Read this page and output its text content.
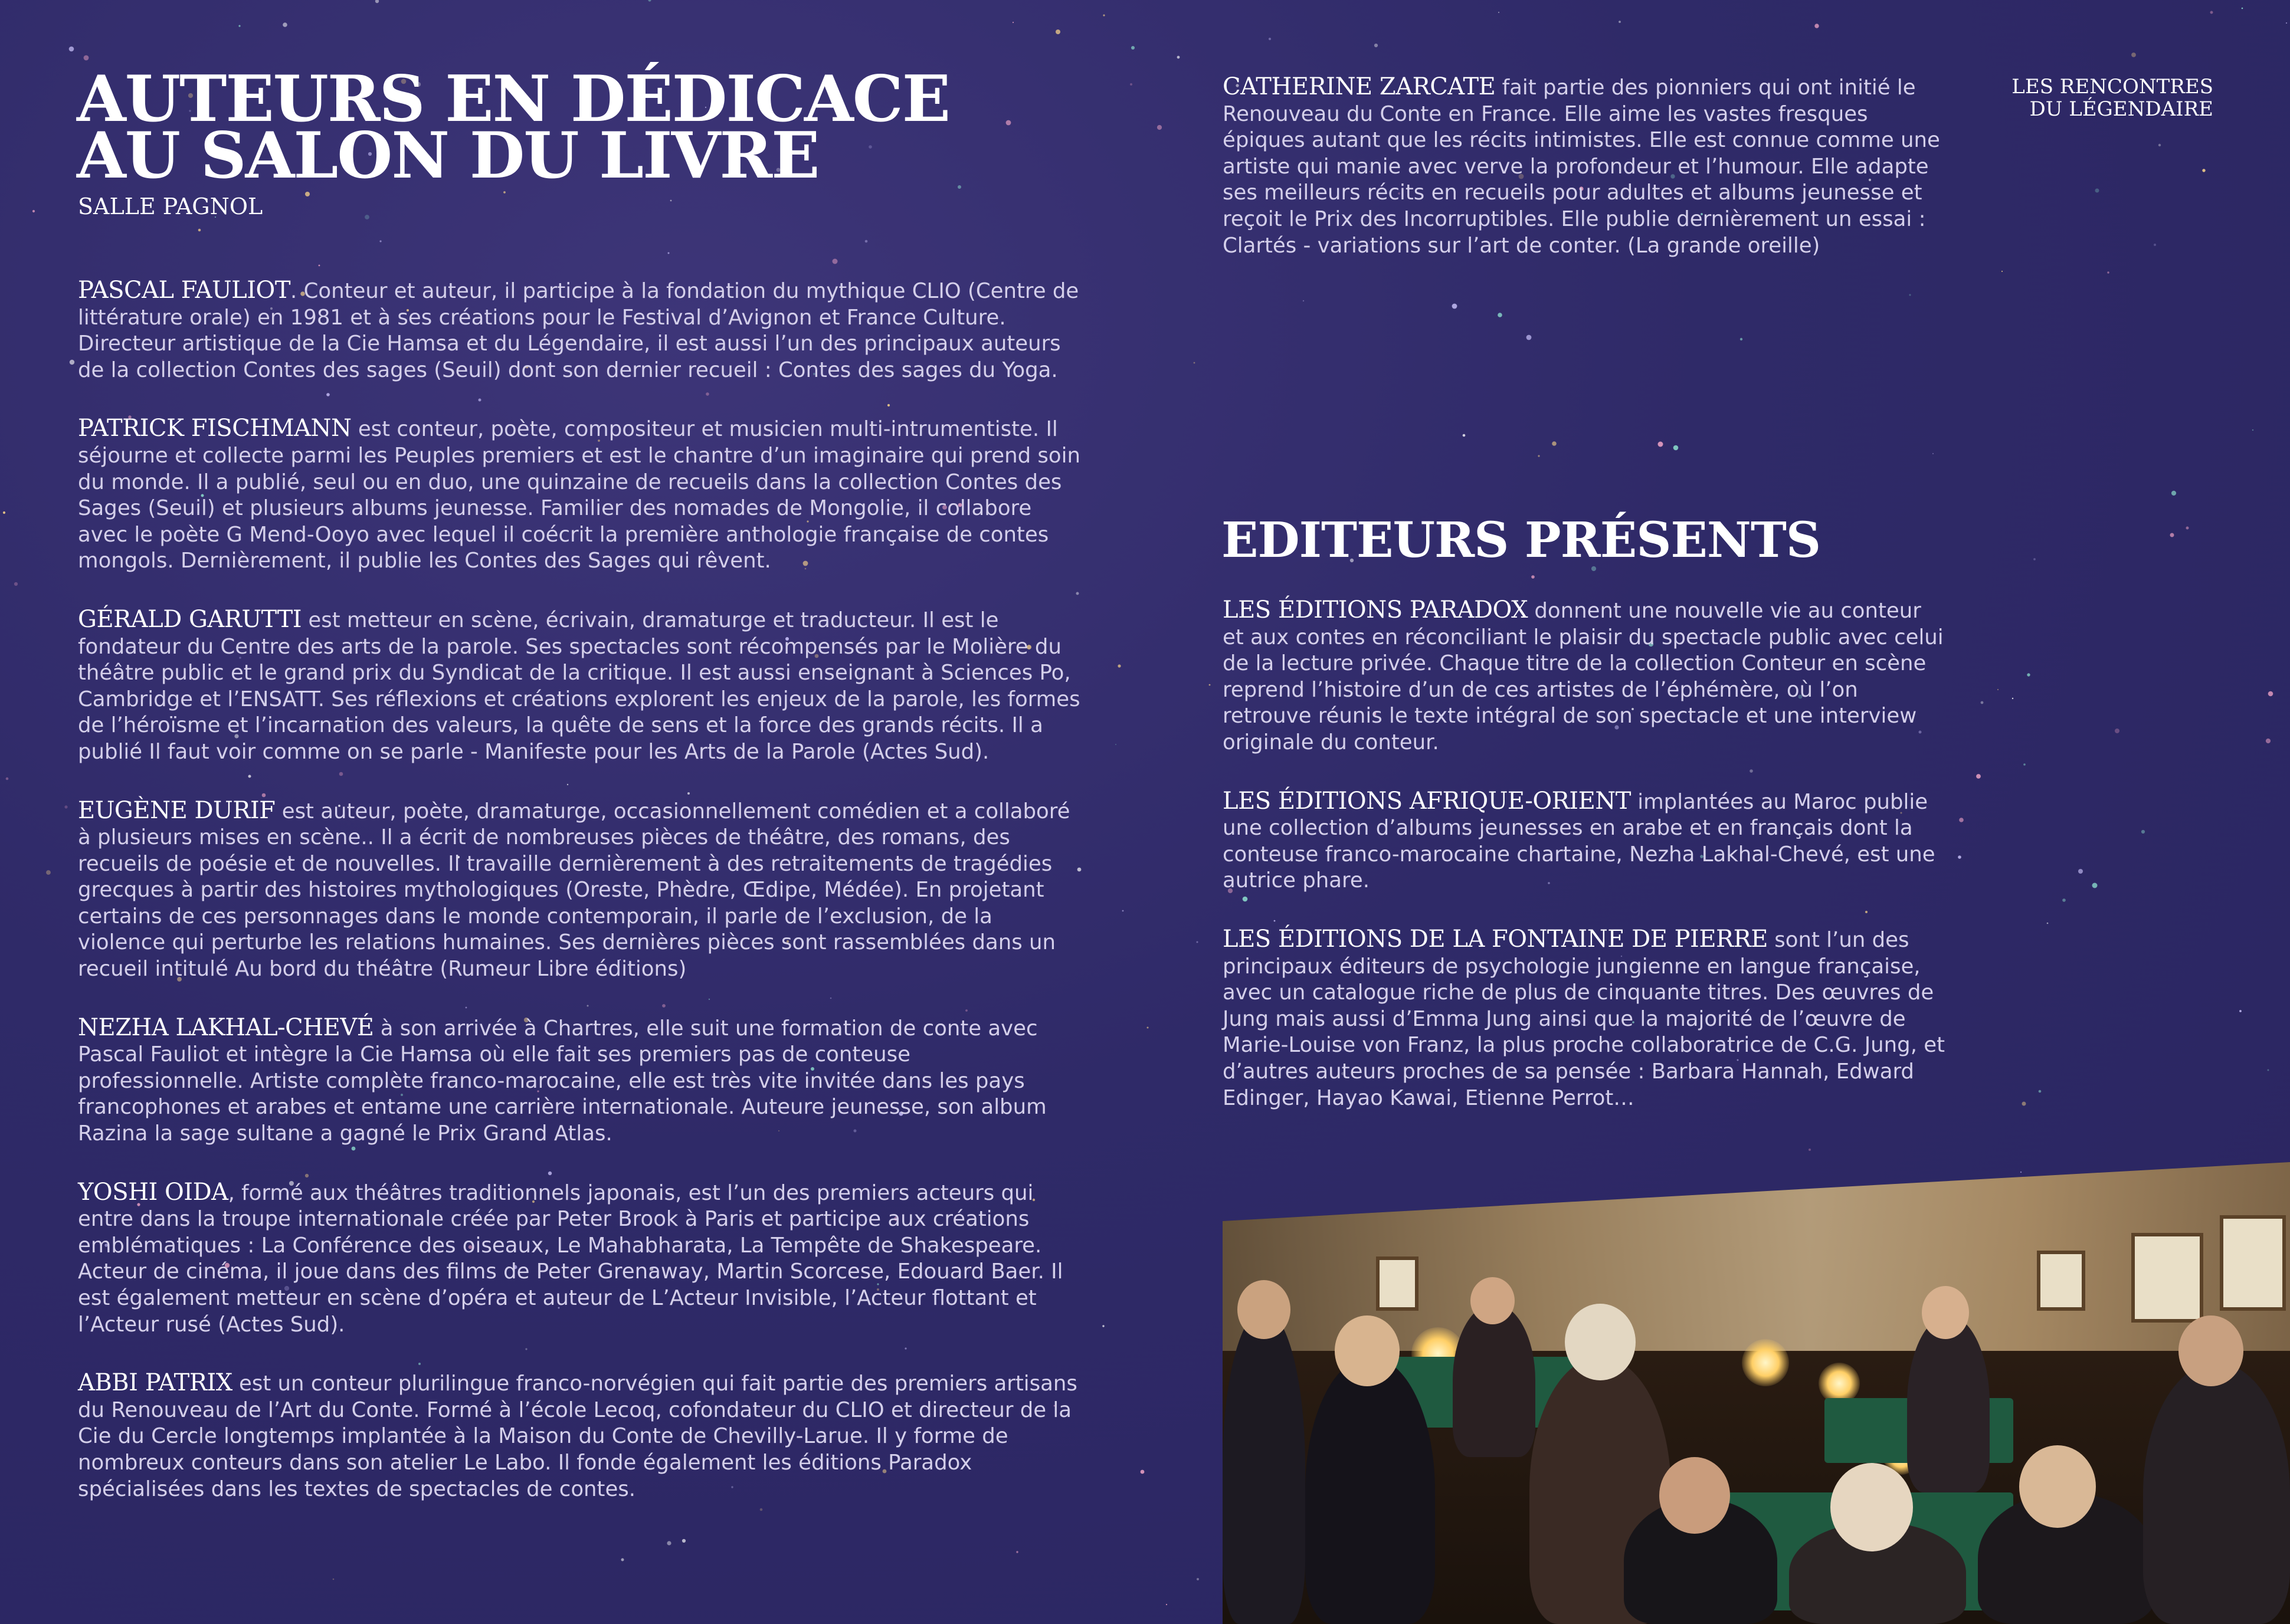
AUTEURS EN DÉDICACE
AU SALON DU LIVRE
SALLE PAGNOL
LES RENCONTRES
DU LÉGENDAIRE

PASCAL FAULIOT. Conteur et auteur, il participe à la fondation du mythique CLIO (Centre de littérature orale) en 1981 et à ses créations pour le Festival d’Avignon et France Culture. Directeur artistique de la Cie Hamsa et du Légendaire, il est aussi l’un des principaux auteurs de la collection Contes des sages (Seuil) dont son dernier recueil : Contes des sages du Yoga.

PATRICK FISCHMANN est conteur, poète, compositeur et musicien multi-intrumentiste. Il séjourne et collecte parmi les Peuples premiers et est le chantre d’un imaginaire qui prend soin du monde. Il a publié, seul ou en duo, une quinzaine de recueils dans la collection Contes des Sages (Seuil) et plusieurs albums jeunesse. Familier des nomades de Mongolie, il collabore avec le poète G Mend-Ooyo avec lequel il coécrit la première anthologie française de contes mongols. Dernièrement, il publie les Contes des Sages qui rêvent.

GÉRALD GARUTTI est metteur en scène, écrivain, dramaturge et traducteur. Il est le fondateur du Centre des arts de la parole. Ses spectacles sont récompensés par le Molière du théâtre public et le grand prix du Syndicat de la critique. Il est aussi enseignant à Sciences Po, Cambridge et l’ENSATT. Ses réflexions et créations explorent les enjeux de la parole, les formes de l’héroïsme et l’incarnation des valeurs, la quête de sens et la force des grands récits. Il a publié Il faut voir comme on se parle - Manifeste pour les Arts de la Parole (Actes Sud).

EUGÈNE DURIF est auteur, poète, dramaturge, occasionnellement comédien et a collaboré à plusieurs mises en scène.. Il a écrit de nombreuses pièces de théâtre, des romans, des recueils de poésie et de nouvelles. Il travaille dernièrement à des retraitements de tragédies grecques à partir des histoires mythologiques (Oreste, Phèdre, Œdipe, Médée). En projetant certains de ces personnages dans le monde contemporain, il parle de l’exclusion, de la violence qui perturbe les relations humaines. Ses dernières pièces sont rassemblées dans un recueil intitulé Au bord du théâtre (Rumeur Libre éditions)

NEZHA LAKHAL-CHEVÉ à son arrivée à Chartres, elle suit une formation de conte avec Pascal Fauliot et intègre la Cie Hamsa où elle fait ses premiers pas de conteuse professionnelle. Artiste complète franco-marocaine, elle est très vite invitée dans les pays francophones et arabes et entame une carrière internationale. Auteure jeunesse, son album Razina la sage sultane a gagné le Prix Grand Atlas.

YOSHI OIDA, formé aux théâtres traditionnels japonais, est l’un des premiers acteurs qui entre dans la troupe internationale créée par Peter Brook à Paris et participe aux créations emblématiques : La Conférence des oiseaux, Le Mahabharata, La Tempête de Shakespeare. Acteur de cinéma, il joue dans des films de Peter Grenaway, Martin Scorcese, Edouard Baer. Il est également metteur en scène d’opéra et auteur de L’Acteur Invisible, l’Acteur flottant et l’Acteur rusé (Actes Sud).

ABBI PATRIX est un conteur plurilingue franco-norvégien qui fait partie des premiers artisans du Renouveau de l’Art du Conte. Formé à l’école Lecoq, cofondateur du CLIO et directeur de la Cie du Cercle longtemps implantée à la Maison du Conte de Chevilly-Larue. Il y forme de nombreux conteurs dans son atelier Le Labo. Il fonde également les éditions Paradox spécialisées dans les textes de spectacles de contes.

CATHERINE ZARCATE fait partie des pionniers qui ont initié le Renouveau du Conte en France. Elle aime les vastes fresques épiques autant que les récits intimistes. Elle est connue comme une artiste qui manie avec verve la profondeur et l’humour. Elle adapte ses meilleurs récits en recueils pour adultes et albums jeunesse et reçoit le Prix des Incorruptibles. Elle publie dernièrement un essai : Clartés - variations sur l’art de conter. (La grande oreille)

EDITEURS PRÉSENTS

LES ÉDITIONS PARADOX donnent une nouvelle vie au conteur et aux contes en réconciliant le plaisir du spectacle public avec celui de la lecture privée. Chaque titre de la collection Conteur en scène reprend l’histoire d’un de ces artistes de l’éphémère, où l’on retrouve réunis le texte intégral de son spectacle et une interview originale du conteur.

LES ÉDITIONS AFRIQUE-ORIENT implantées au Maroc publie une collection d’albums jeunesses en arabe et en français dont la conteuse franco-marocaine chartaine, Nezha Lakhal-Chevé, est une autrice phare.

LES ÉDITIONS DE LA FONTAINE DE PIERRE sont l’un des principaux éditeurs de psychologie jungienne en langue française, avec un catalogue riche de plus de cinquante titres. Des œuvres de Jung mais aussi d’Emma Jung ainsi que la majorité de l’œuvre de Marie-Louise von Franz, la plus proche collaboratrice de C.G. Jung, et d’autres auteurs proches de sa pensée : Barbara Hannah, Edward Edinger, Hayao Kawai, Etienne Perrot…
